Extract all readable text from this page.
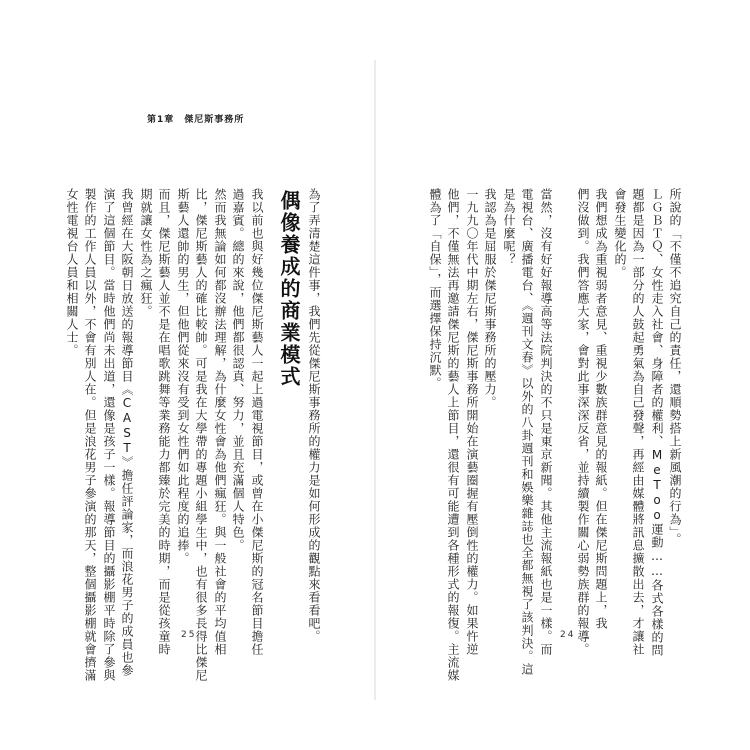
第1章　傑尼斯事務所
為了弄清楚這件事，我們先從傑尼斯事務所的權力是如何形成的觀點來看看吧。
偶像養成的商業模式
我以前也與好幾位傑尼斯藝人一起上過電視節目，或曾在小傑尼斯的冠名節目擔任
過嘉賓。總的來說，他們都很認真、努力，並且充滿個人特色。
然而我無論如何都沒辦法理解，為什麼女性會為他們瘋狂。與一般社會的平均值相
比，傑尼斯藝人的確比較帥。可是我在大學帶的專題小組學生中，也有很多長得比傑尼
斯藝人還帥的男生，但他們從來沒有受到女性們如此程度的追捧。
而且，傑尼斯藝人並不是在唱歌跳舞等業務能力都臻於完美的時期，而是從孩童時
期就讓女性為之瘋狂。
我曾經在大阪朝日放送的報導節目《CAST》擔任評論家，而浪花男子的成員也參
演了這個節目。當時他們尚未出道，還像是孩子一樣。報導節目的攝影棚平時除了參與
製作的工作人員以外，不會有別人在。但是浪花男子參演的那天，整個攝影棚就會擠滿
女性電視台人員和相關人士。
25
所說的「不僅不追究自己的責任，還順勢搭上新風潮的行為」。
ＬＧＢＴＱ、女性走入社會、身障者的權利、MeToo運動……各式各樣的問
題都是因為一部分的人鼓起勇氣為自己發聲，再經由媒體將訊息擴散出去，才讓社
會發生變化的。
我們想成為重視弱者意見、重視少數族群意見的報紙。但在傑尼斯問題上，我
們沒做到。我們答應大家，會對此事深深反省，並持續製作關心弱勢族群的報導。
當然，沒有好好報導高等法院判決的不只是東京新聞。其他主流報紙也是一樣。而
電視台、廣播電台、《週刊文春》以外的八卦週刊和娛樂雜誌也全都無視了該判決。這
是為什麼呢？
我認為是屈服於傑尼斯事務所的壓力。
一九九〇年代中期左右，傑尼斯事務所開始在演藝圈握有壓倒性的權力。如果忤逆
他們，不僅無法再邀請傑尼斯的藝人上節目，還很有可能遭到各種形式的報復。主流媒
體為了「自保」，而選擇保持沉默。
24
